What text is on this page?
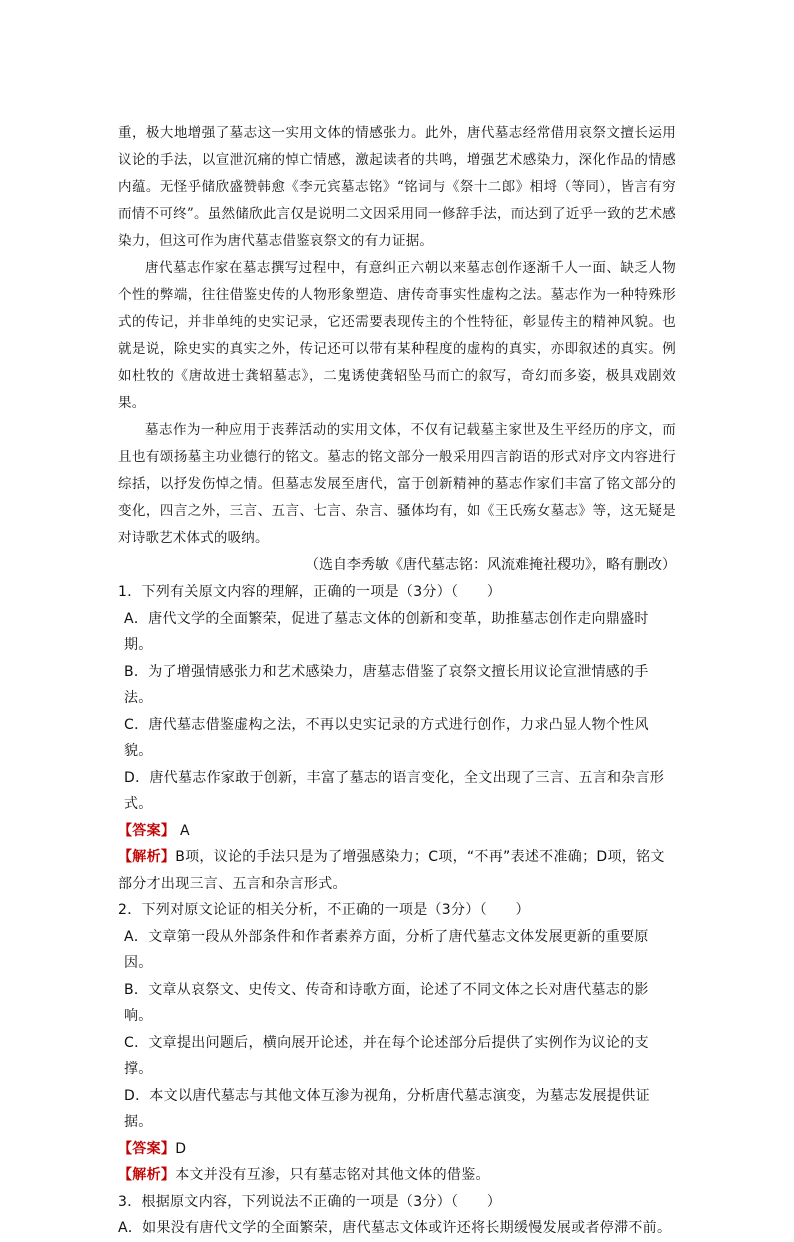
重，极大地增强了墓志这一实用文体的情感张力。此外，唐代墓志经常借用哀祭文擅长运用议论的手法，以宣泄沉痛的悼亡情感，激起读者的共鸣，增强艺术感染力，深化作品的情感内蕴。无怪乎储欣盛赞韩愈《李元宾墓志铭》“铭词与《祭十二郎》相埒（等同），皆言有穷而情不可终”。虽然储欣此言仅是说明二文因采用同一修辞手法，而达到了近乎一致的艺术感染力，但这可作为唐代墓志借鉴哀祭文的有力证据。

唐代墓志作家在墓志撰写过程中，有意纠正六朝以来墓志创作逐渐千人一面、缺乏人物个性的弊端，往往借鉴史传的人物形象塑造、唐传奇事实性虚构之法。墓志作为一种特殊形式的传记，并非单纯的史实记录，它还需要表现传主的个性特征，彰显传主的精神风貌。也就是说，除史实的真实之外，传记还可以带有某种程度的虚构的真实，亦即叙述的真实。例如杜牧的《唐故进士龚轺墓志》，二鬼诱使龚轺坠马而亡的叙写，奇幻而多姿，极具戏剧效果。

墓志作为一种应用于丧葬活动的实用文体，不仅有记载墓主家世及生平经历的序文，而且也有颂扬墓主功业德行的铭文。墓志的铭文部分一般采用四言韵语的形式对序文内容进行综括，以抒发伤悼之情。但墓志发展至唐代，富于创新精神的墓志作家们丰富了铭文部分的变化，四言之外，三言、五言、七言、杂言、骚体均有，如《王氏殇女墓志》等，这无疑是对诗歌艺术体式的吸纳。

（选自李秀敏《唐代墓志铭：风流难掩社稷功》，略有删改）

1．下列有关原文内容的理解，正确的一项是（3分）（　　）

A．唐代文学的全面繁荣，促进了墓志文体的创新和变革，助推墓志创作走向鼎盛时期。

B．为了增强情感张力和艺术感染力，唐墓志借鉴了哀祭文擅长用议论宣泄情感的手法。

C．唐代墓志借鉴虚构之法，不再以史实记录的方式进行创作，力求凸显人物个性风貌。

D．唐代墓志作家敢于创新，丰富了墓志的语言变化，全文出现了三言、五言和杂言形式。

【答案】 A

【解析】B项，议论的手法只是为了增强感染力；C项，“不再”表述不准确；D项，铭文部分才出现三言、五言和杂言形式。

2．下列对原文论证的相关分析，不正确的一项是（3分）（　　）

A．文章第一段从外部条件和作者素养方面，分析了唐代墓志文体发展更新的重要原因。

B．文章从哀祭文、史传文、传奇和诗歌方面，论述了不同文体之长对唐代墓志的影响。

C．文章提出问题后，横向展开论述，并在每个论述部分后提供了实例作为议论的支撑。

D．本文以唐代墓志与其他文体互渗为视角，分析唐代墓志演变，为墓志发展提供证据。

【答案】D

【解析】本文并没有互渗，只有墓志铭对其他文体的借鉴。

3．根据原文内容，下列说法不正确的一项是（3分）（　　）

A．如果没有唐代文学的全面繁荣，唐代墓志文体或许还将长期缓慢发展或者停滞不前。
